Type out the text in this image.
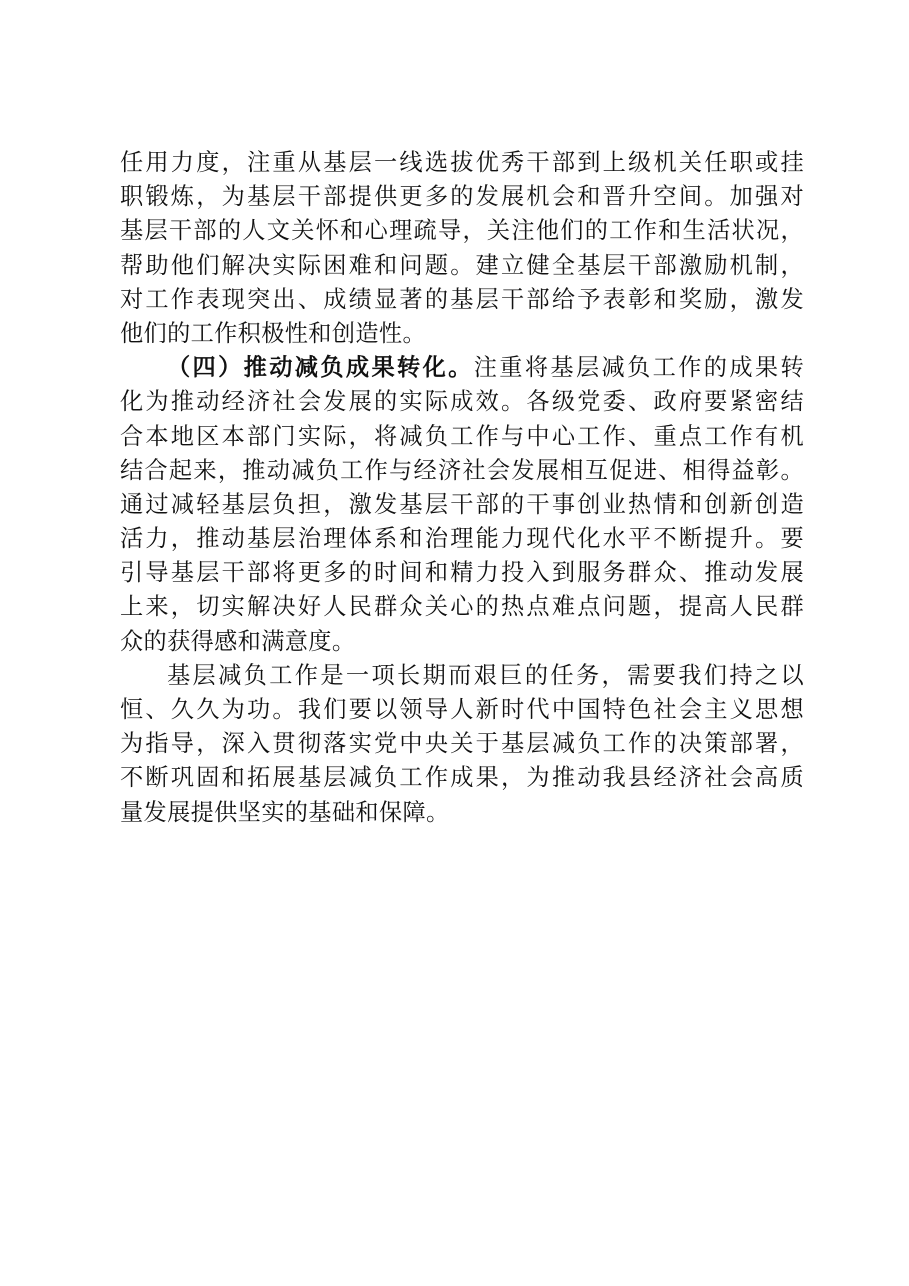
任用力度，注重从基层一线选拔优秀干部到上级机关任职或挂
职锻炼，为基层干部提供更多的发展机会和晋升空间。加强对
基层干部的人文关怀和心理疏导，关注他们的工作和生活状况，
帮助他们解决实际困难和问题。建立健全基层干部激励机制，
对工作表现突出、成绩显著的基层干部给予表彰和奖励，激发
他们的工作积极性和创造性。
（四）推动减负成果转化。注重将基层减负工作的成果转
化为推动经济社会发展的实际成效。各级党委、政府要紧密结
合本地区本部门实际，将减负工作与中心工作、重点工作有机
结合起来，推动减负工作与经济社会发展相互促进、相得益彰。
通过减轻基层负担，激发基层干部的干事创业热情和创新创造
活力，推动基层治理体系和治理能力现代化水平不断提升。要
引导基层干部将更多的时间和精力投入到服务群众、推动发展
上来，切实解决好人民群众关心的热点难点问题，提高人民群
众的获得感和满意度。
基层减负工作是一项长期而艰巨的任务，需要我们持之以
恒、久久为功。我们要以领导人新时代中国特色社会主义思想
为指导，深入贯彻落实党中央关于基层减负工作的决策部署，
不断巩固和拓展基层减负工作成果，为推动我县经济社会高质
量发展提供坚实的基础和保障。
